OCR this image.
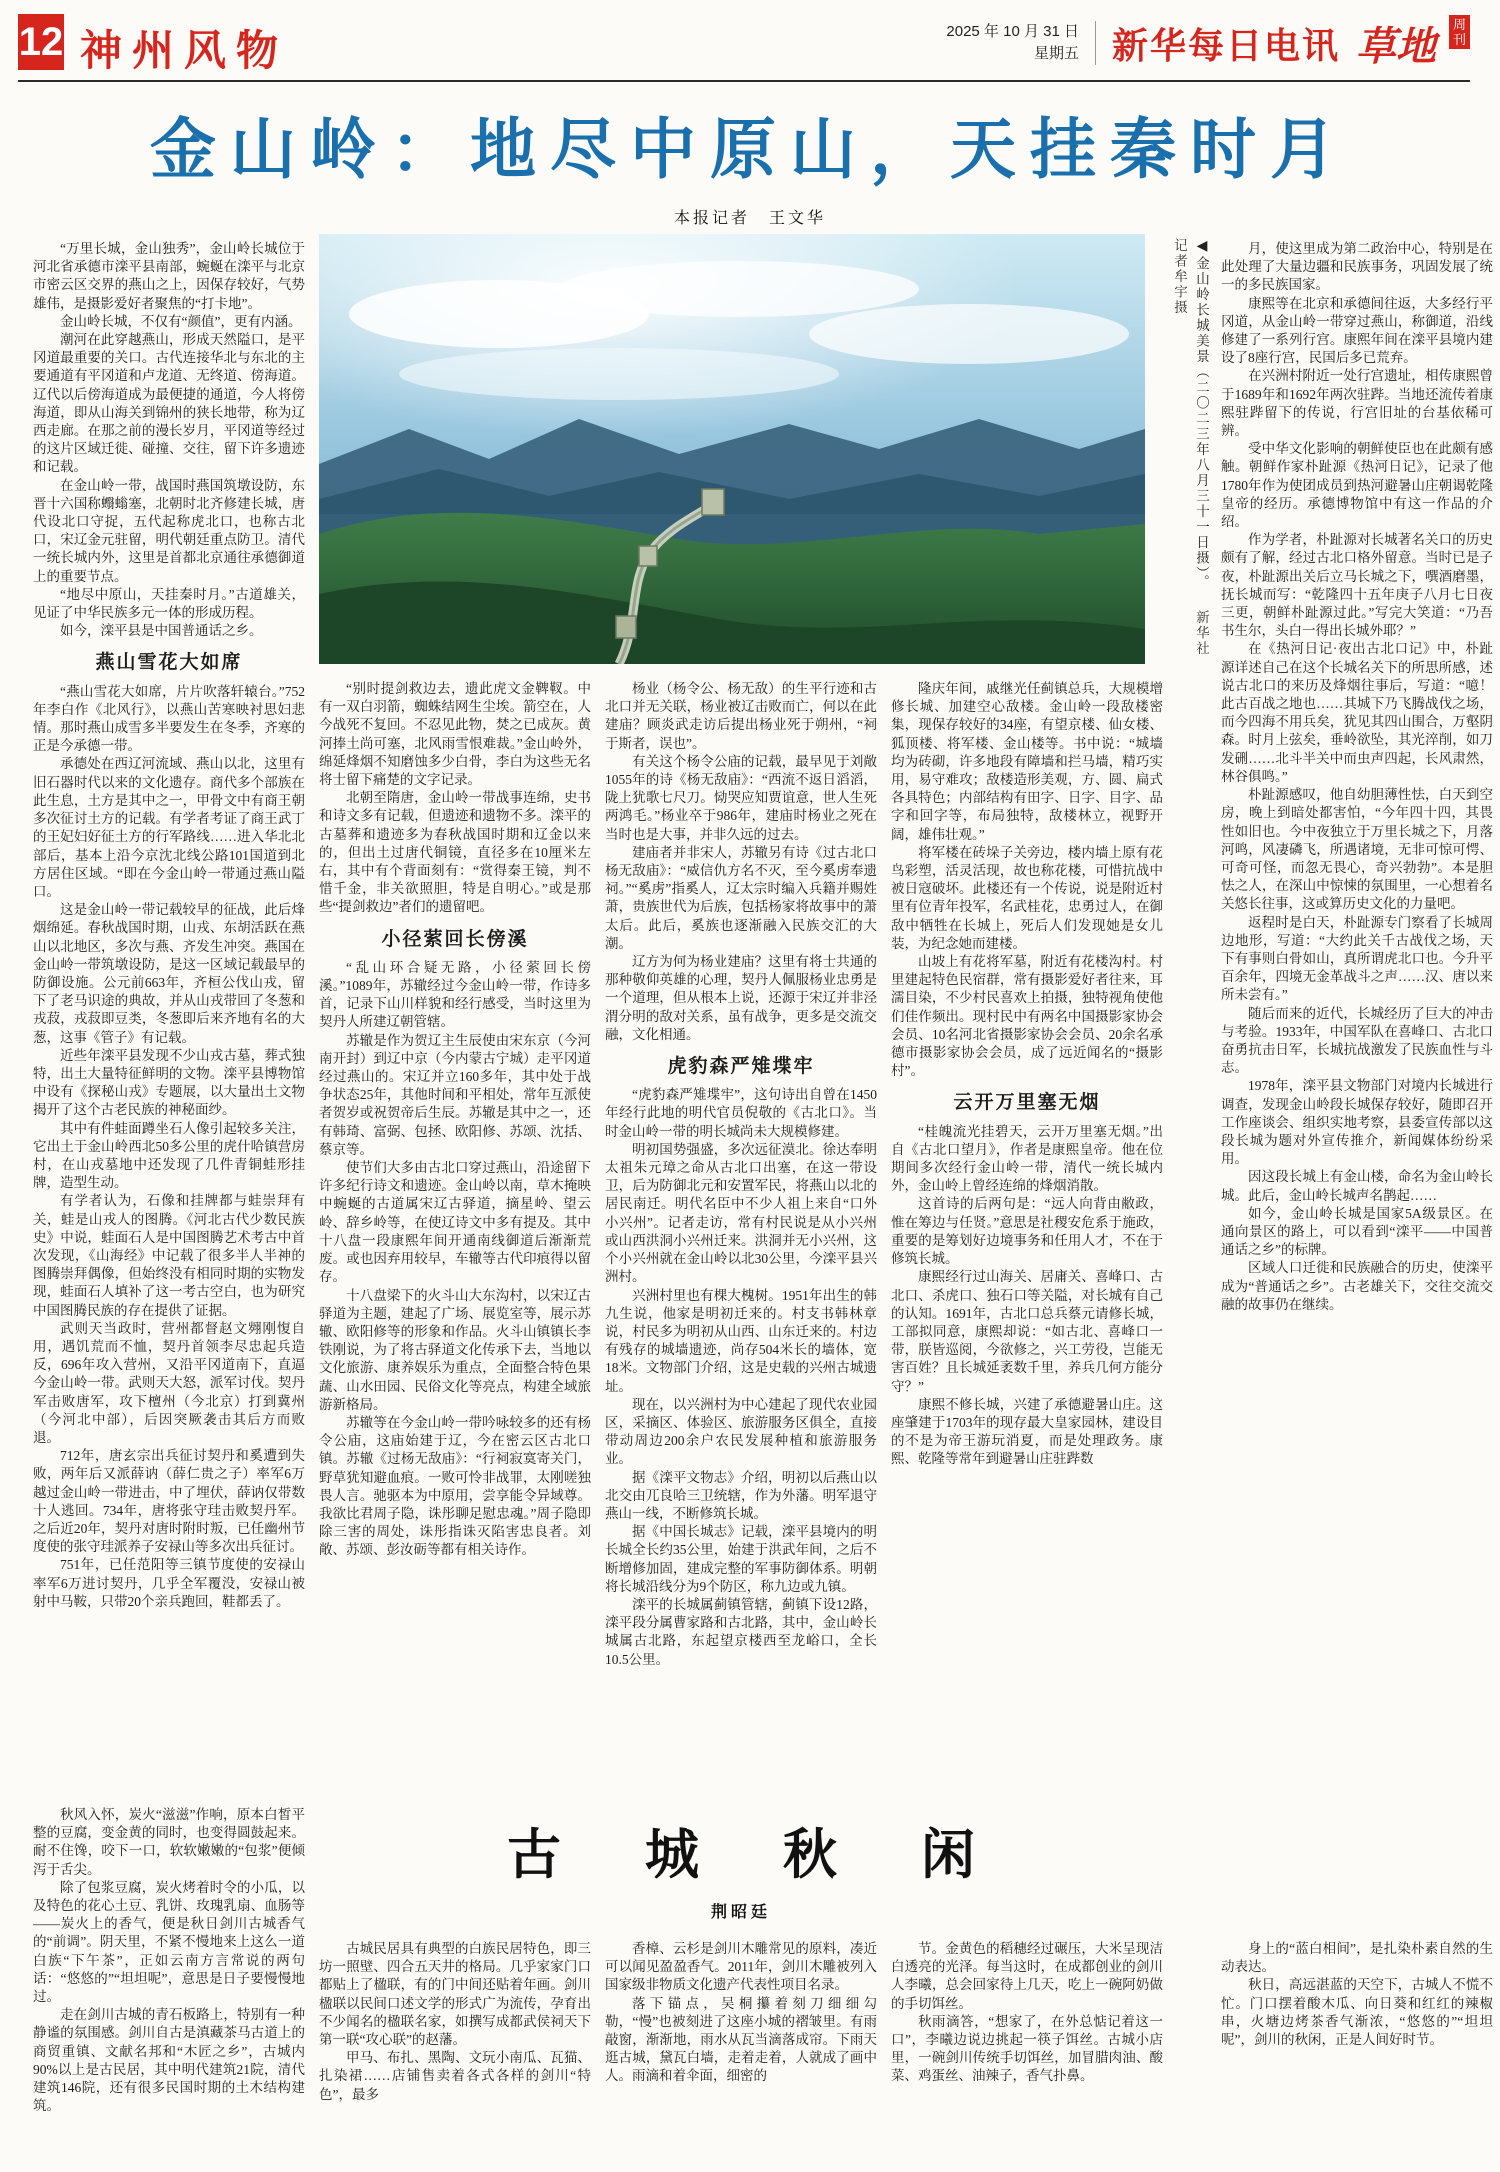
12 神州风物	2025 年 10 月 31 日
星期五 新华每日电讯 草地	周刊
金山岭：地尽中原山，天挂秦时月
本报记者　王文华
◀金山岭长城美景（二〇二三年八月三十一日摄）。 新华社记者牟宇摄

“万里长城，金山独秀”，金山岭长城位于河北省承德市滦平县南部，蜿蜒在滦平与北京市密云区交界的燕山之上，因保存较好，气势雄伟，是摄影爱好者聚焦的“打卡地”。

金山岭长城，不仅有“颜值”，更有内涵。

潮河在此穿越燕山，形成天然隘口，是平冈道最重要的关口。古代连接华北与东北的主要通道有平冈道和卢龙道、无终道、傍海道。辽代以后傍海道成为最便捷的通道，今人将傍海道，即从山海关到锦州的狭长地带，称为辽西走廊。在那之前的漫长岁月，平冈道等经过的这片区域迁徙、碰撞、交往，留下许多遗迹和记载。

在金山岭一带，战国时燕国筑墩设防，东晋十六国称蠮螉塞，北朝时北齐修建长城，唐代设北口守捉，五代起称虎北口，也称古北口，宋辽金元驻留，明代朝廷重点防卫。清代一统长城内外，这里是首都北京通往承德御道上的重要节点。

“地尽中原山，天挂秦时月。”古道雄关，见证了中华民族多元一体的形成历程。

如今，滦平县是中国普通话之乡。

燕山雪花大如席

“燕山雪花大如席，片片吹落轩辕台。”752年李白作《北风行》，以燕山苦寒映衬思妇悲情。那时燕山成雪多半要发生在冬季，齐寒的正是今承德一带。

承德处在西辽河流域、燕山以北，这里有旧石器时代以来的文化遗存。商代多个部族在此生息，土方是其中之一，甲骨文中有商王朝多次征讨土方的记载。有学者考证了商王武丁的王妃妇好征土方的行军路线……进入华北北部后，基本上沿今京沈北线公路101国道到北方居住区域。“即在今金山岭一带通过燕山隘口。

这是金山岭一带记载较早的征战，此后烽烟绵延。春秋战国时期，山戎、东胡活跃在燕山以北地区，多次与燕、齐发生冲突。燕国在金山岭一带筑墩设防，是这一区域记载最早的防御设施。公元前663年，齐桓公伐山戎，留下了老马识途的典故，并从山戎带回了冬葱和戎菽，戎菽即豆类，冬葱即后来齐地有名的大葱，这事《管子》有记载。

近些年滦平县发现不少山戎古墓，葬式独特，出土大量特征鲜明的文物。滦平县博物馆中设有《探秘山戎》专题展，以大量出土文物揭开了这个古老民族的神秘面纱。

其中有件蛙面蹲坐石人像引起较多关注，它出土于金山岭西北50多公里的虎什哈镇营房村，在山戎墓地中还发现了几件青铜蛙形挂牌，造型生动。

有学者认为，石像和挂牌都与蛙崇拜有关，蛙是山戎人的图腾。《河北古代少数民族史》中说，蛙面石人是中国图腾艺术考古中首次发现，《山海经》中记载了很多半人半神的图腾崇拜偶像，但始终没有相同时期的实物发现，蛙面石人填补了这一考古空白，也为研究中国图腾民族的存在提供了证据。

武则天当政时，营州都督赵文翙刚愎自用，遇饥荒而不恤，契丹首领李尽忠起兵造反，696年攻入营州，又沿平冈道南下，直逼今金山岭一带。武则天大怒，派军讨伐。契丹军击败唐军，攻下檀州（今北京）打到冀州（今河北中部），后因突厥袭击其后方而败退。

712年，唐玄宗出兵征讨契丹和奚遭到失败，两年后又派薛讷（薛仁贵之子）率军6万越过金山岭一带进击，中了埋伏，薛讷仅带数十人逃回。734年，唐将张守珪击败契丹军。之后近20年，契丹对唐时附时叛，已任幽州节度使的张守珪派养子安禄山等多次出兵征讨。

751年，已任范阳等三镇节度使的安禄山率军6万进讨契丹，几乎全军覆没，安禄山被射中马鞍，只带20个亲兵跑回，鞋都丢了。

“别时提剑救边去，遗此虎文金鞞靫。中有一双白羽箭，蜘蛛结网生尘埃。箭空在，人今战死不复回。不忍见此物，焚之已成灰。黄河捧土尚可塞，北风雨雪恨难裁。”金山岭外，绵延烽烟不知磨蚀多少白骨，李白为这些无名将士留下痛楚的文字记录。

北朝至隋唐，金山岭一带战事连绵，史书和诗文多有记载，但遗迹和遗物不多。滦平的古墓葬和遗迹多为春秋战国时期和辽金以来的，但出土过唐代铜镜，直径多在10厘米左右，其中有个背面刻有：“赏得秦王镜，判不惜千金，非关欲照胆，特是自明心。”或是那些“提剑救边”者们的遗留吧。

小径萦回长傍溪

“乱山环合疑无路，小径萦回长傍溪。”1089年，苏辙经过今金山岭一带，作诗多首，记录下山川样貌和经行感受，当时这里为契丹人所建辽朝管辖。

苏辙是作为贺辽主生辰使由宋东京（今河南开封）到辽中京（今内蒙古宁城）走平冈道经过燕山的。宋辽并立160多年，其中处于战争状态25年，其他时间和平相处，常年互派使者贺岁或祝贺帝后生辰。苏辙是其中之一，还有韩琦、富弼、包拯、欧阳修、苏颂、沈括、蔡京等。

使节们大多由古北口穿过燕山，沿途留下许多纪行诗文和遗迹。金山岭以南，草木掩映中蜿蜒的古道属宋辽古驿道，摘星岭、望云岭、辞乡岭等，在使辽诗文中多有提及。其中十八盘一段康熙年间开通南线御道后渐渐荒废。或也因弃用较早，车辙等古代印痕得以留存。

十八盘梁下的火斗山大东沟村，以宋辽古驿道为主题，建起了广场、展览室等，展示苏辙、欧阳修等的形象和作品。火斗山镇镇长李铁刚说，为了将古驿道文化传承下去，当地以文化旅游、康养娱乐为重点，全面整合特色果蔬、山水田园、民俗文化等亮点，构建全域旅游新格局。

苏辙等在今金山岭一带吟咏较多的还有杨令公庙，这庙始建于辽，今在密云区古北口镇。苏辙《过杨无敌庙》：“行祠寂寞寄关门，野草犹知避血痕。一败可怜非战罪，太刚嗟独畏人言。驰驱本为中原用，尝享能令异域尊。我欲比君周子隐，诛彤聊足慰忠魂。”周子隐即除三害的周处，诛彤指诛灭陷害忠良者。刘敞、苏颂、彭汝砺等都有相关诗作。

杨业（杨令公、杨无敌）的生平行迹和古北口并无关联，杨业被辽击败而亡，何以在此建庙？顾炎武走访后提出杨业死于朔州，“祠于斯者，误也”。

有关这个杨令公庙的记载，最早见于刘敞1055年的诗《杨无敌庙》：“西流不返日滔滔，陇上犹歌七尺刀。恸哭应知贾谊意，世人生死两鸿毛。”杨业卒于986年，建庙时杨业之死在当时也是大事，并非久远的过去。

建庙者并非宋人，苏辙另有诗《过古北口杨无敌庙》：“威信仇方名不灭，至今奚虏奉遗祠。”“奚虏”指奚人，辽太宗时编入兵籍并赐姓萧，贵族世代为后族，包括杨家将故事中的萧太后。此后，奚族也逐渐融入民族交汇的大潮。

辽方为何为杨业建庙？这里有将士共通的那种敬仰英雄的心理，契丹人佩服杨业忠勇是一个道理，但从根本上说，还源于宋辽并非泾渭分明的敌对关系，虽有战争，更多是交流交融，文化相通。

虎豹森严雉堞牢

“虎豹森严雉堞牢”，这句诗出自曾在1450年经行此地的明代官员倪敬的《古北口》。当时金山岭一带的明长城尚未大规模修建。

明初国势强盛，多次远征漠北。徐达奉明太祖朱元璋之命从古北口出塞，在这一带设卫，后为防御北元和安置军民，将燕山以北的居民南迁。明代名臣中不少人祖上来自“口外小兴州”。记者走访，常有村民说是从小兴州或山西洪洞小兴州迁来。洪洞并无小兴州，这个小兴州就在金山岭以北30公里，今滦平县兴洲村。

兴洲村里也有棵大槐树。1951年出生的韩九生说，他家是明初迁来的。村支书韩林章说，村民多为明初从山西、山东迁来的。村边有残存的城墙遗迹，尚存504米长的墙体，宽18米。文物部门介绍，这是史载的兴州古城遗址。

现在，以兴洲村为中心建起了现代农业园区，采摘区、体验区、旅游服务区俱全，直接带动周边200余户农民发展种植和旅游服务业。

据《滦平文物志》介绍，明初以后燕山以北交由兀良哈三卫统辖，作为外藩。明军退守燕山一线，不断修筑长城。

据《中国长城志》记载，滦平县境内的明长城全长约35公里，始建于洪武年间，之后不断增修加固，建成完整的军事防御体系。明朝将长城沿线分为9个防区，称九边或九镇。

滦平的长城属蓟镇管辖，蓟镇下设12路，滦平段分属曹家路和古北路，其中，金山岭长城属古北路，东起望京楼西至龙峪口，全长10.5公里。

隆庆年间，戚继光任蓟镇总兵，大规模增修长城、加建空心敌楼。金山岭一段敌楼密集，现保存较好的34座，有望京楼、仙女楼、狐顶楼、将军楼、金山楼等。书中说：“城墙均为砖砌，许多地段有障墙和拦马墙，精巧实用，易守难攻；敌楼造形美观，方、圆、扁式各具特色；内部结构有田字、日字、目字、品字和回字等，布局独特，敌楼林立，视野开阔，雄伟壮观。”

将军楼在砖垛子关旁边，楼内墙上原有花鸟彩塑，活灵活现，故也称花楼，可惜抗战中被日寇破坏。此楼还有一个传说，说是附近村里有位青年投军，名武桂花，忠勇过人，在御敌中牺牲在长城上，死后人们发现她是女儿装，为纪念她而建楼。

山坡上有花将军墓，附近有花楼沟村。村里建起特色民宿群，常有摄影爱好者往来，耳濡目染，不少村民喜欢上拍摄，独特视角使他们佳作频出。现村民中有两名中国摄影家协会会员、10名河北省摄影家协会会员、20余名承德市摄影家协会会员，成了远近闻名的“摄影村”。

云开万里塞无烟

“桂魄流光挂碧天，云开万里塞无烟。”出自《古北口望月》，作者是康熙皇帝。他在位期间多次经行金山岭一带，清代一统长城内外，金山岭上曾经连绵的烽烟消散。

这首诗的后两句是：“远人向背由敝政，惟在筹边与任贤。”意思是社稷安危系于施政，重要的是筹划好边境事务和任用人才，不在于修筑长城。

康熙经行过山海关、居庸关、喜峰口、古北口、杀虎口、独石口等关隘，对长城有自己的认知。1691年，古北口总兵蔡元请修长城，工部拟同意，康熙却说：“如古北、喜峰口一带，朕皆巡阅，今欲修之，兴工劳役，岂能无害百姓？且长城延袤数千里，养兵几何方能分守？”

康熙不修长城，兴建了承德避暑山庄。这座肇建于1703年的现存最大皇家园林，建设目的不是为帝王游玩消夏，而是处理政务。康熙、乾隆等常年到避暑山庄驻跸数

月，使这里成为第二政治中心，特别是在此处理了大量边疆和民族事务，巩固发展了统一的多民族国家。

康熙等在北京和承德间往返，大多经行平冈道，从金山岭一带穿过燕山，称御道，沿线修建了一系列行宫。康熙年间在滦平县境内建设了8座行宫，民国后多已荒弃。

在兴洲村附近一处行宫遗址，相传康熙曾于1689年和1692年两次驻跸。当地还流传着康熙驻跸留下的传说，行宫旧址的台基依稀可辨。

受中华文化影响的朝鲜使臣也在此颇有感触。朝鲜作家朴趾源《热河日记》，记录了他1780年作为使团成员到热河避暑山庄朝谒乾隆皇帝的经历。承德博物馆中有这一作品的介绍。

作为学者，朴趾源对长城著名关口的历史颇有了解，经过古北口格外留意。当时已是子夜，朴趾源出关后立马长城之下，噀酒磨墨，抚长城而写：“乾隆四十五年庚子八月七日夜三更，朝鲜朴趾源过此。”写完大笑道：“乃吾书生尔，头白一得出长城外耶？”

在《热河日记·夜出古北口记》中，朴趾源详述自己在这个长城名关下的所思所感，述说古北口的来历及烽烟往事后，写道：“噫！此古百战之地也……其城下乃飞腾战伐之场，而今四海不用兵矣，犹见其四山围合，万壑阴森。时月上弦矣，垂岭欲坠，其光淬削，如刀发硎……北斗半关中而虫声四起，长风肃然，林谷俱鸣。”

朴趾源感叹，他自幼胆薄性怯，白天到空房，晚上到暗处都害怕，“今年四十四，其畏性如旧也。今中夜独立于万里长城之下，月落河鸣，风凄磷飞，所遇诸境，无非可惊可愕、可奇可怪，而忽无畏心，奇兴勃勃”。本是胆怯之人，在深山中惊悚的氛围里，一心想着名关悠长往事，这或算历史文化的力量吧。

返程时是白天，朴趾源专门察看了长城周边地形，写道：“大约此关千古战伐之场，天下有事则白骨如山，真所谓虎北口也。今升平百余年，四境无金革战斗之声……汉、唐以来所未尝有。”

随后而来的近代，长城经历了巨大的冲击与考验。1933年，中国军队在喜峰口、古北口奋勇抗击日军，长城抗战激发了民族血性与斗志。

1978年，滦平县文物部门对境内长城进行调查，发现金山岭段长城保存较好，随即召开工作座谈会、组织实地考察，县委宣传部以这段长城为题对外宣传推介，新闻媒体纷纷采用。

因这段长城上有金山楼，命名为金山岭长城。此后，金山岭长城声名鹊起……

如今，金山岭长城是国家5A级景区。在通向景区的路上，可以看到“滦平——中国普通话之乡”的标牌。

区域人口迁徙和民族融合的历史，使滦平成为“普通话之乡”。古老雄关下，交往交流交融的故事仍在继续。

古城秋闲
荆昭廷

秋风入怀，炭火“滋滋”作响，原本白皙平整的豆腐，变金黄的同时，也变得圆鼓起来。耐不住馋，咬下一口，软软嫩嫩的“包浆”便倾泻于舌尖。

除了包浆豆腐，炭火烤着时令的小瓜，以及特色的花心土豆、乳饼、玫瑰乳扇、血肠等——炭火上的香气，便是秋日剑川古城香气的“前调”。阴天里，不紧不慢地来上这么一道白族“下午茶”，正如云南方言常说的两句话：“悠悠的”“坦坦呢”，意思是日子要慢慢地过。

走在剑川古城的青石板路上，特别有一种静谧的氛围感。剑川自古是滇藏茶马古道上的商贸重镇、文献名邦和“木匠之乡”，古城内90%以上是古民居，其中明代建筑21院，清代建筑146院，还有很多民国时期的土木结构建筑。

古城民居具有典型的白族民居特色，即三坊一照壁、四合五天井的格局。几乎家家门口都贴上了楹联，有的门中间还贴着年画。剑川楹联以民间口述文学的形式广为流传，孕育出不少闻名的楹联名家，如撰写成都武侯祠天下第一联“攻心联”的赵藩。

甲马、布扎、黑陶、文玩小南瓜、瓦猫、扎染裙……店铺售卖着各式各样的剑川“特色”，最多

香樟、云杉是剑川木雕常见的原料，凑近可以闻见盈盈香气。2011年，剑川木雕被列入国家级非物质文化遗产代表性项目名录。

落下锚点，吴桐攥着刻刀细细勾勒，“慢”也被刻进了这座小城的褶皱里。有雨敲窗，渐渐地，雨水从瓦当滴落成帘。下雨天逛古城，黛瓦白墙，走着走着，人就成了画中人。雨滴和着伞面，细密的

节。金黄色的稻穗经过碾压，大米呈现洁白透亮的光泽。每当这时，在成都创业的剑川人李曦，总会回家待上几天，吃上一碗阿奶做的手切饵丝。

秋雨滴答，“想家了，在外总惦记着这一口”，李曦边说边挑起一筷子饵丝。古城小店里，一碗剑川传统手切饵丝，加冒腊肉油、酸菜、鸡蛋丝、油辣子，香气扑鼻。

身上的“蓝白相间”，是扎染朴素自然的生动表达。

秋日，高远湛蓝的天空下，古城人不慌不忙。门口摆着酸木瓜、向日葵和红红的辣椒串，火塘边烤茶香气渐浓，“悠悠的”“坦坦呢”，剑川的秋闲，正是人间好时节。
